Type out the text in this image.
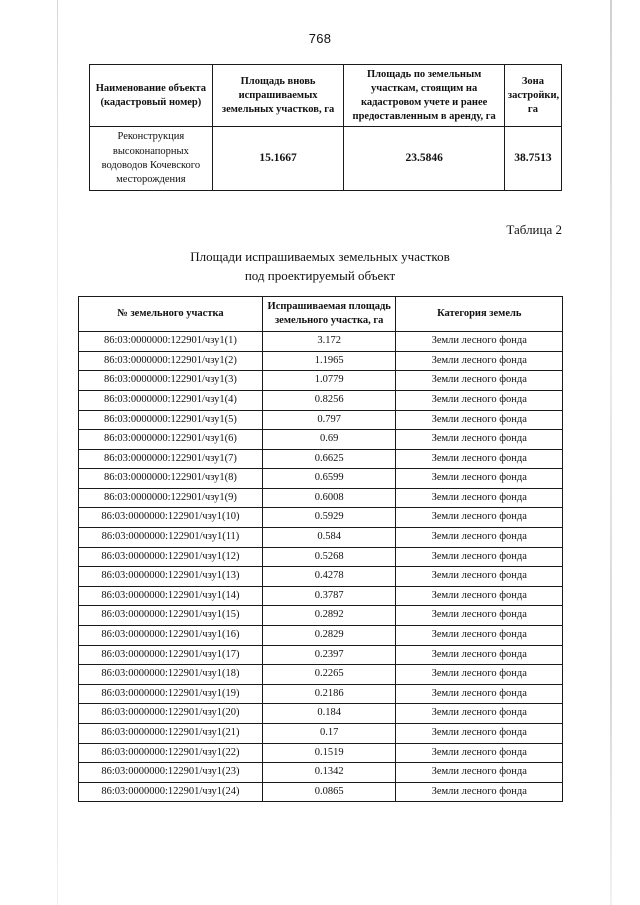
768
Наименование объекта (кадастровый номер)	Площадь вновь испрашиваемых земельных участков, га	Площадь по земельным участкам, стоящим на кадастровом учете и ранее предоставленным в аренду, га	Зона застройки, га
Реконструкция высоконапорных водоводов Кочевского месторождения	15.1667	23.5846	38.7513
Таблица 2
Площади испрашиваемых земельных участков
под проектируемый объект
№ земельного участка	Испрашиваемая площадь земельного участка, га	Категория земель
86:03:0000000:122901/чзу1(1)	3.172	Земли лесного фонда
86:03:0000000:122901/чзу1(2)	1.1965	Земли лесного фонда
86:03:0000000:122901/чзу1(3)	1.0779	Земли лесного фонда
86:03:0000000:122901/чзу1(4)	0.8256	Земли лесного фонда
86:03:0000000:122901/чзу1(5)	0.797	Земли лесного фонда
86:03:0000000:122901/чзу1(6)	0.69	Земли лесного фонда
86:03:0000000:122901/чзу1(7)	0.6625	Земли лесного фонда
86:03:0000000:122901/чзу1(8)	0.6599	Земли лесного фонда
86:03:0000000:122901/чзу1(9)	0.6008	Земли лесного фонда
86:03:0000000:122901/чзу1(10)	0.5929	Земли лесного фонда
86:03:0000000:122901/чзу1(11)	0.584	Земли лесного фонда
86:03:0000000:122901/чзу1(12)	0.5268	Земли лесного фонда
86:03:0000000:122901/чзу1(13)	0.4278	Земли лесного фонда
86:03:0000000:122901/чзу1(14)	0.3787	Земли лесного фонда
86:03:0000000:122901/чзу1(15)	0.2892	Земли лесного фонда
86:03:0000000:122901/чзу1(16)	0.2829	Земли лесного фонда
86:03:0000000:122901/чзу1(17)	0.2397	Земли лесного фонда
86:03:0000000:122901/чзу1(18)	0.2265	Земли лесного фонда
86:03:0000000:122901/чзу1(19)	0.2186	Земли лесного фонда
86:03:0000000:122901/чзу1(20)	0.184	Земли лесного фонда
86:03:0000000:122901/чзу1(21)	0.17	Земли лесного фонда
86:03:0000000:122901/чзу1(22)	0.1519	Земли лесного фонда
86:03:0000000:122901/чзу1(23)	0.1342	Земли лесного фонда
86:03:0000000:122901/чзу1(24)	0.0865	Земли лесного фонда
